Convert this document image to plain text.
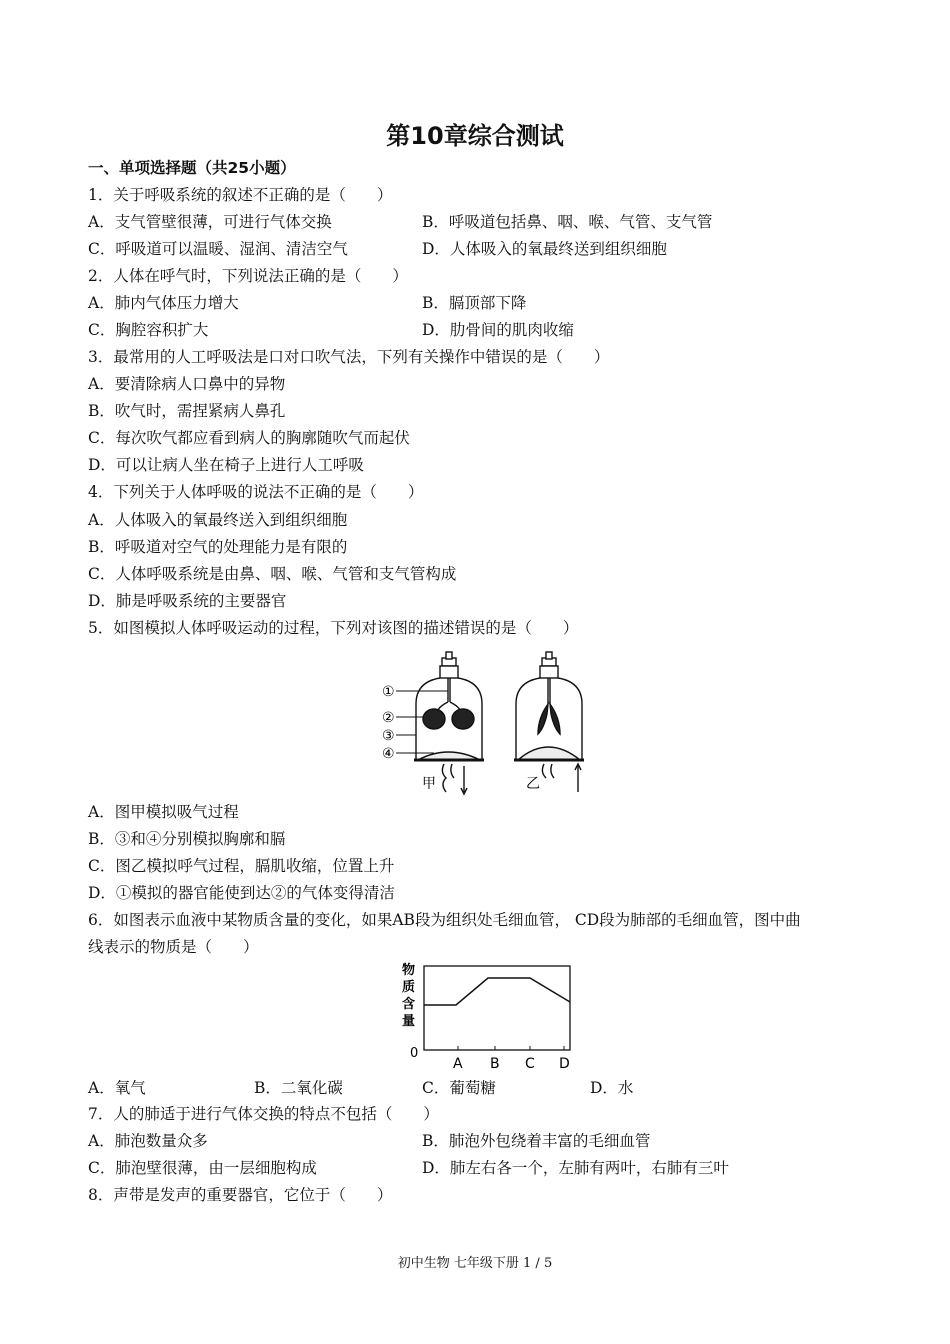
第10章综合测试
一、单项选择题（共25小题）
1．关于呼吸系统的叙述不正确的是（　　）
A．支气管壁很薄，可进行气体交换	B．呼吸道包括鼻、咽、喉、气管、支气管
C．呼吸道可以温暖、湿润、清洁空气	D．人体吸入的氧最终送到组织细胞
2．人体在呼气时，下列说法正确的是（　　）
A．肺内气体压力增大	B．膈顶部下降
C．胸腔容积扩大	D．肋骨间的肌肉收缩
3．最常用的人工呼吸法是口对口吹气法，下列有关操作中错误的是（　　）
A．要清除病人口鼻中的异物
B．吹气时，需捏紧病人鼻孔
C．每次吹气都应看到病人的胸廓随吹气而起伏
D．可以让病人坐在椅子上进行人工呼吸
4．下列关于人体呼吸的说法不正确的是（　　）
A．人体吸入的氧最终送入到组织细胞
B．呼吸道对空气的处理能力是有限的
C．人体呼吸系统是由鼻、咽、喉、气管和支气管构成
D．肺是呼吸系统的主要器官
5．如图模拟人体呼吸运动的过程，下列对该图的描述错误的是（　　）
①
②
③
④
甲	乙
A．图甲模拟吸气过程
B．③和④分别模拟胸廓和膈
C．图乙模拟呼气过程，膈肌收缩，位置上升
D．①模拟的器官能使到达②的气体变得清洁
6．如图表示血液中某物质含量的变化，如果AB段为组织处毛细血管， CD段为肺部的毛细血管，图中曲
线表示的物质是（　　）
物质含量
0
A B C D
A．氧气	B．二氧化碳	C．葡萄糖	D．水
7．人的肺适于进行气体交换的特点不包括（　　）
A．肺泡数量众多	B．肺泡外包绕着丰富的毛细血管
C．肺泡壁很薄，由一层细胞构成	D．肺左右各一个，左肺有两叶，右肺有三叶
8．声带是发声的重要器官，它位于（　　）
初中生物 七年级下册 1 / 5
